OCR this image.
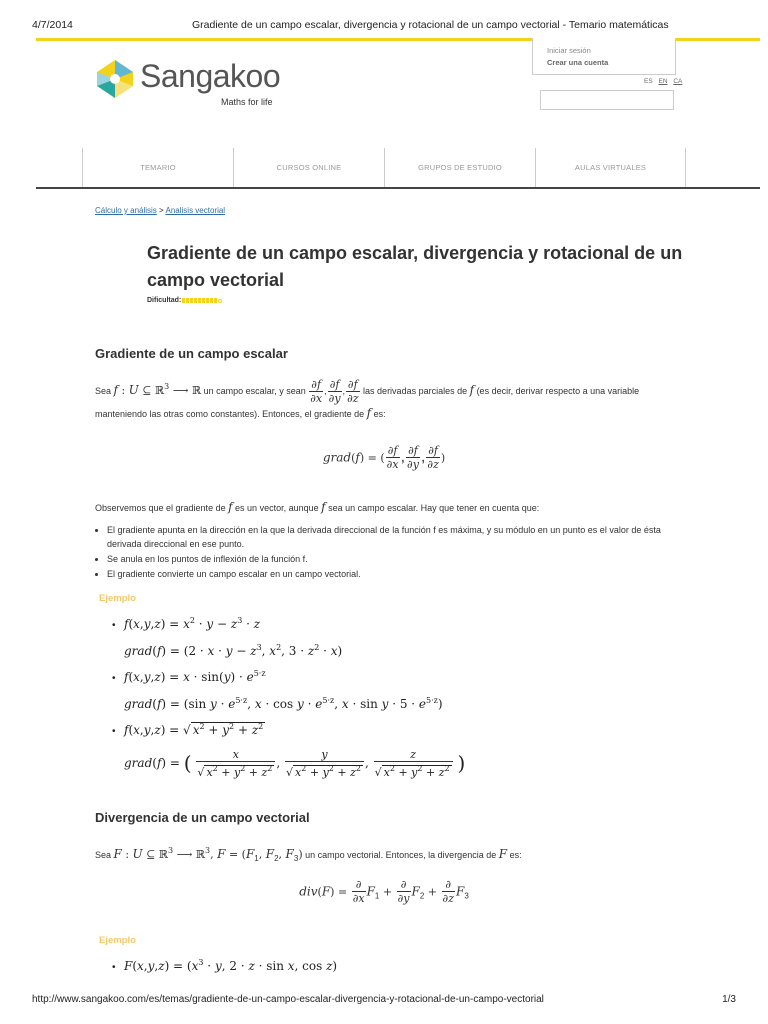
4/7/2014	Gradiente de un campo escalar, divergencia y rotacional de un campo vectorial - Temario matemáticas
http://www.sangakoo.com/es/temas/gradiente-de-un-campo-escalar-divergencia-y-rotacional-de-un-campo-vectorial	1/3
Iniciar sesión
Crear una cuenta
ES EN CA
Sangakoo
Maths for life
TEMARIO	CURSOS ONLINE	GRUPOS DE ESTUDIO	AULAS VIRTUALES
Cálculo y análisis > Analisis vectorial
Gradiente de un campo escalar, divergencia y rotacional de un campo vectorial
Dificultad:
Gradiente de un campo escalar
Sea f : U ⊆ ℝ$^3$ ⟶ ℝ un campo escalar, y sean $\frac{\partial f}{\partial x}$ , $\frac{\partial f}{\partial y}$ , $\frac{\partial f}{\partial z}$ las derivadas parciales de f (es decir, derivar respecto a una variable manteniendo las otras como constantes). Entonces, el gradiente de f es:
grad(f) = ( $\frac{\partial f}{\partial x}$ , $\frac{\partial f}{\partial y}$ , $\frac{\partial f}{\partial z}$ )
Observemos que el gradiente de f es un vector, aunque f sea un campo escalar. Hay que tener en cuenta que:
• El gradiente apunta en la dirección en la que la derivada direccional de la función f es máxima, y su módulo en un punto es el valor de ésta derivada direccional en ese punto.
• Se anula en los puntos de inflexión de la función f.
• El gradiente convierte un campo escalar en un campo vectorial.
Ejemplo
• $f(x,y,z) = x^2 \cdot y - z^3 \cdot z$
grad(f) = ($2 \cdot x \cdot y - z^3$, $x^2$, $3 \cdot z^2 \cdot x$)
• $f(x,y,z) = x \cdot \sin(y) \cdot e^{5\cdot z}$
grad(f) = (sin $y \cdot e^{5\cdot z}$, $x \cdot \cos y \cdot e^{5\cdot z}$, $x \cdot \sin y \cdot 5 \cdot e^{5\cdot z}$)
• f(x,y,z) = √ $x^2 + y^2 + z^2$
grad(f) = ( $\frac{x}{√ x^2 + y^2 + z^2}$ , $\frac{y}{√ x^2 + y^2 + z^2}$ , $\frac{z}{√ x^2 + y^2 + z^2}$ )
Divergencia de un campo vectorial
Sea F : U ⊆ ℝ$^3$ ⟶ ℝ$^3$, F = (F1, F2, F3) un campo vectorial. Entonces, la divergencia de F es:
$div(F) = \frac{\partial}{\partial x} F_1 + \frac{\partial}{\partial y} F_2 + \frac{\partial}{\partial z} F_3$
Ejemplo
• $F(x,y,z) = (x^3 \cdot y$, 2 · z · sin x, cos z)
